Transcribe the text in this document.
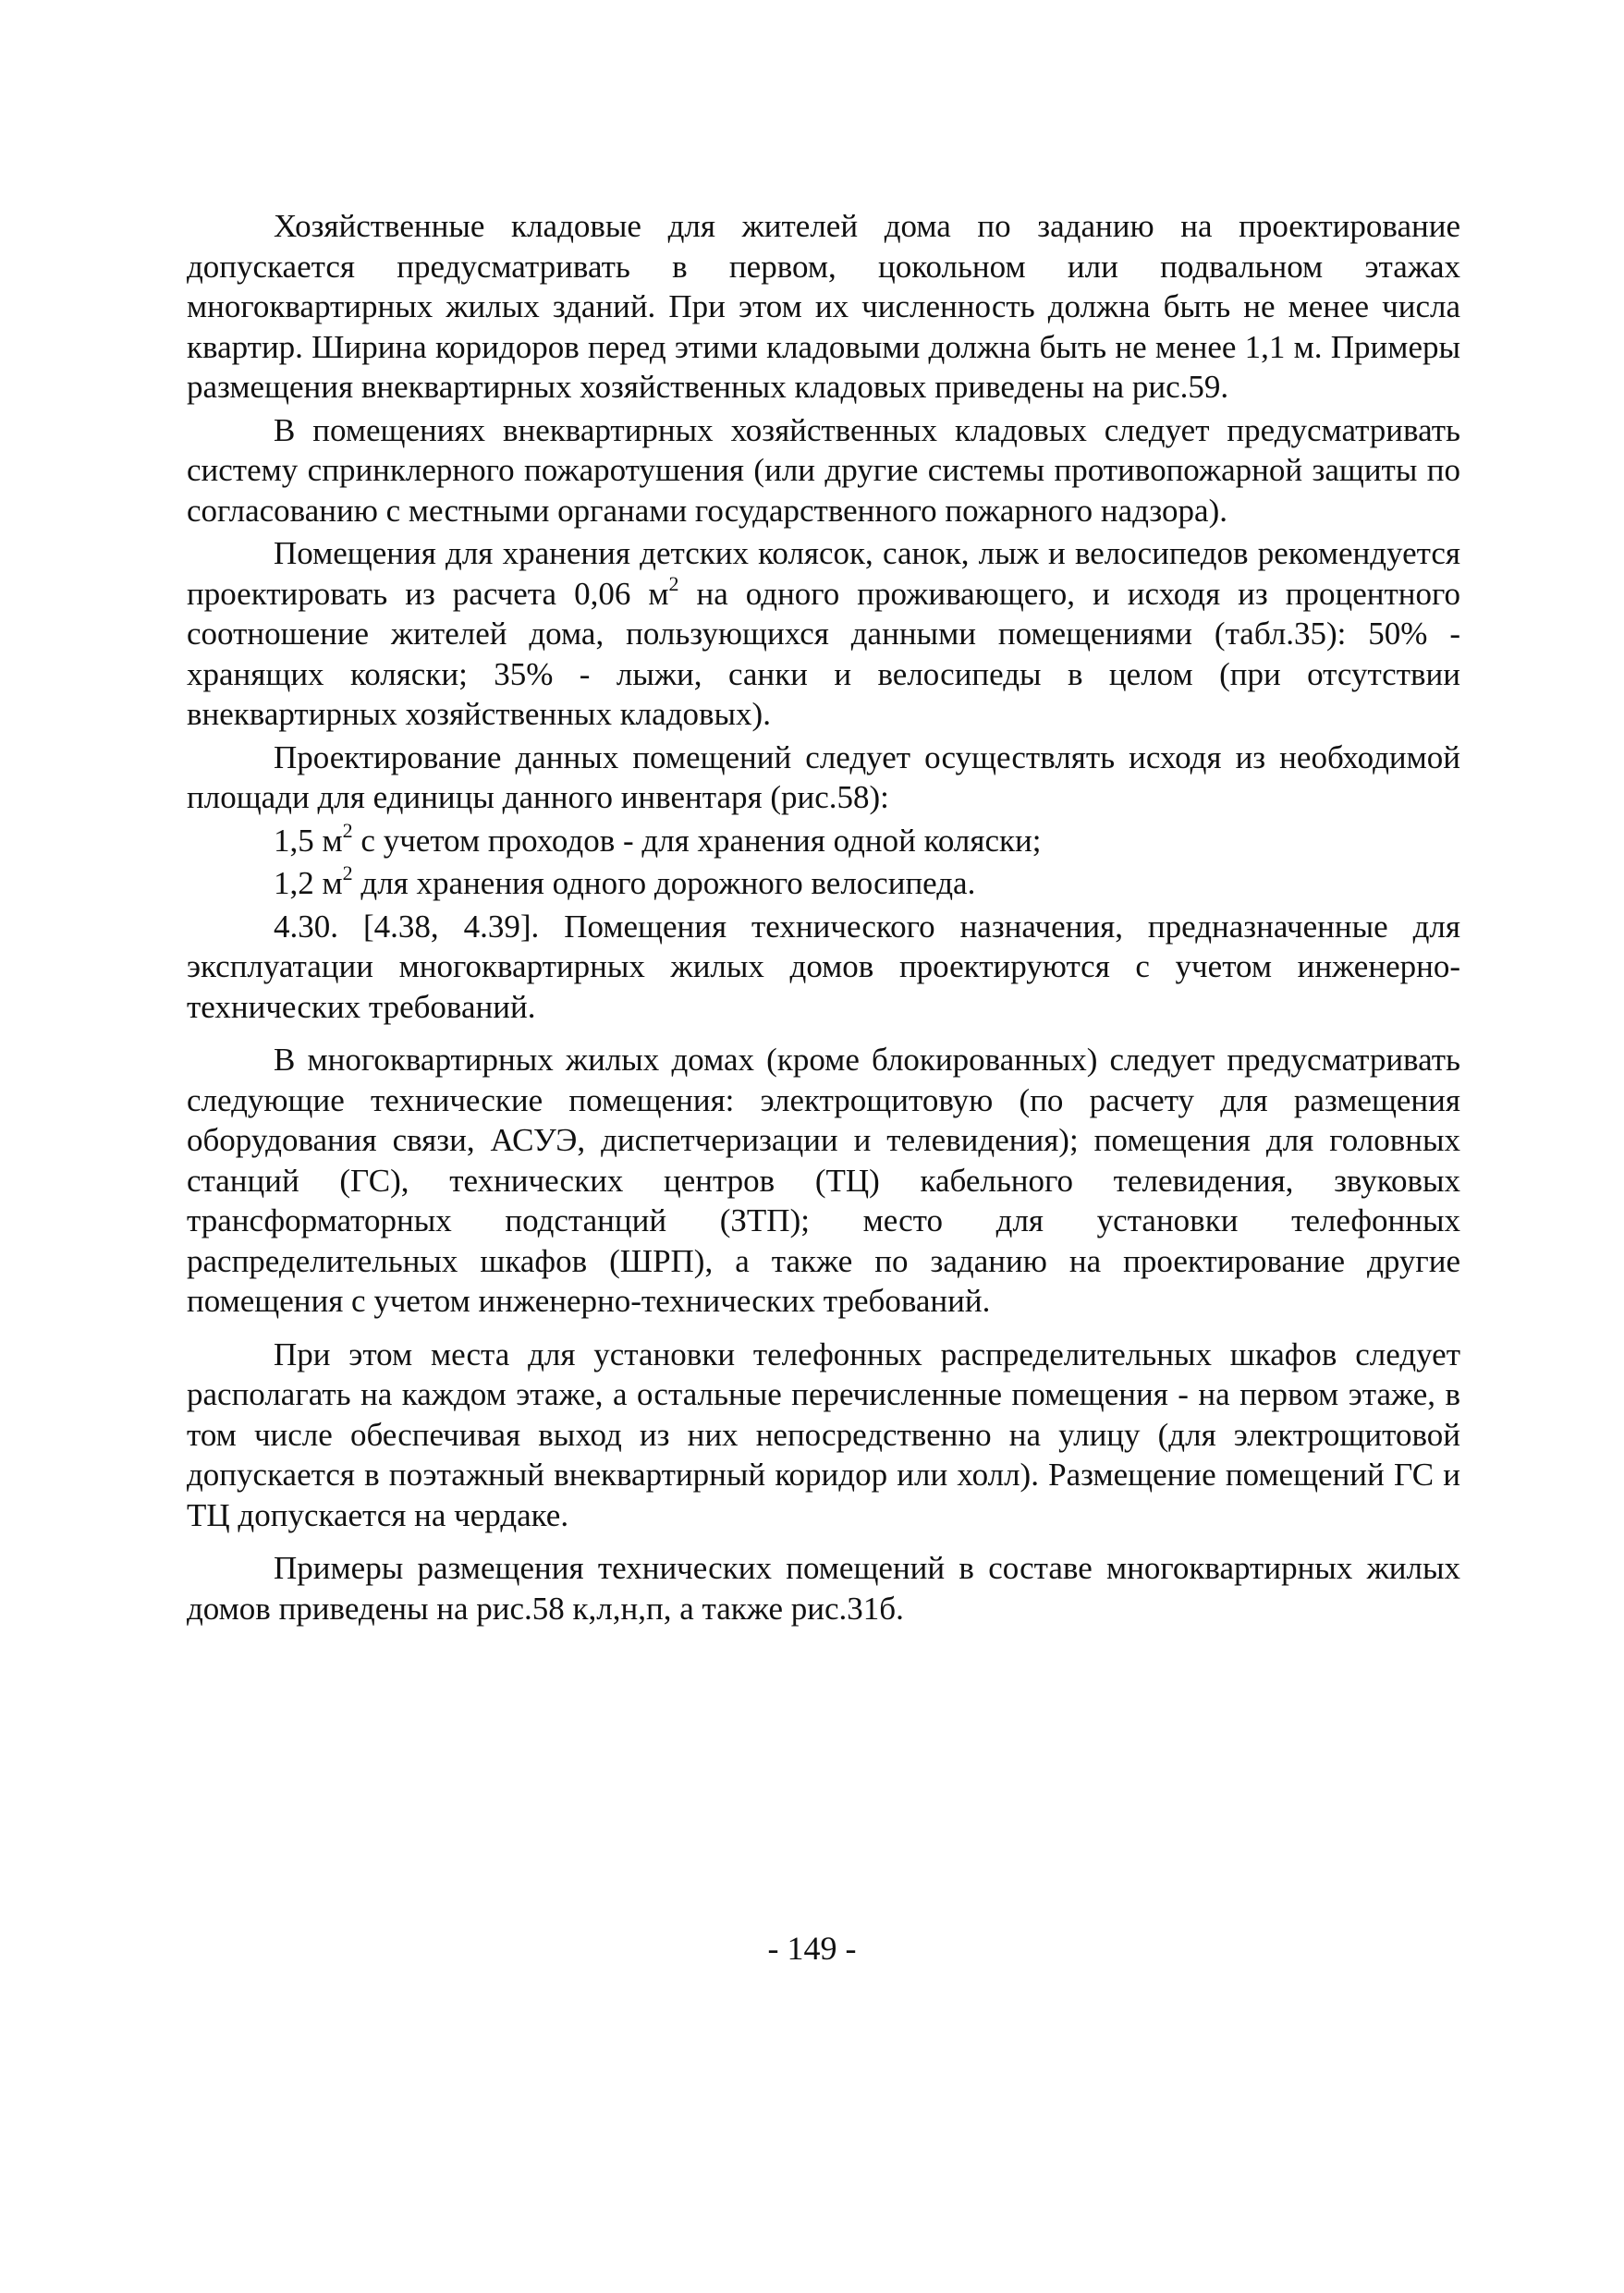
Хозяйственные кладовые для жителей дома по заданию на проектирование допускается предусматривать в первом, цокольном или подвальном этажах многоквартирных жилых зданий. При этом их численность должна быть не менее числа квартир. Ширина коридоров перед этими кладовыми должна быть не менее 1,1 м. Примеры размещения внеквартирных хозяйственных кладовых приведены на рис.59.

В помещениях внеквартирных хозяйственных кладовых следует предусматривать систему спринклерного пожаротушения (или другие системы противопожарной защиты по согласованию с местными органами государственного пожарного надзора).

Помещения для хранения детских колясок, санок, лыж и велосипедов рекомендуется проектировать из расчета 0,06 $м^2$ на одного проживающего, и исходя из процентного соотношение жителей дома, пользующихся данными помещениями (табл.35): 50% - хранящих коляски; 35% - лыжи, санки и велосипеды в целом (при отсутствии внеквартирных хозяйственных кладовых).

Проектирование данных помещений следует осуществлять исходя из необходимой площади для единицы данного инвентаря (рис.58):

1,5 $м^2$ с учетом проходов - для хранения одной коляски;

1,2 $м^2$ для хранения одного дорожного велосипеда.

4.30. [4.38, 4.39]. Помещения технического назначения, предназначенные для эксплуатации многоквартирных жилых домов проектируются с учетом инженерно-технических требований.

В многоквартирных жилых домах (кроме блокированных) следует предусматривать следующие технические помещения: электрощитовую (по расчету для размещения оборудования связи, АСУЭ, диспетчеризации и телевидения); помещения для головных станций (ГС), технических центров (ТЦ) кабельного телевидения, звуковых трансформаторных подстанций (ЗТП); место для установки телефонных распределительных шкафов (ШРП), а также по заданию на проектирование другие помещения с учетом инженерно-технических требований.

При этом места для установки телефонных распределительных шкафов следует располагать на каждом этаже, а остальные перечисленные помещения - на первом этаже, в том числе обеспечивая выход из них непосредственно на улицу (для электрощитовой допускается в поэтажный внеквартирный коридор или холл). Размещение помещений ГС и ТЦ допускается на чердаке.

Примеры размещения технических помещений в составе многоквартирных жилых домов приведены на рис.58 к,л,н,п, а также рис.31б.

- 149 -
